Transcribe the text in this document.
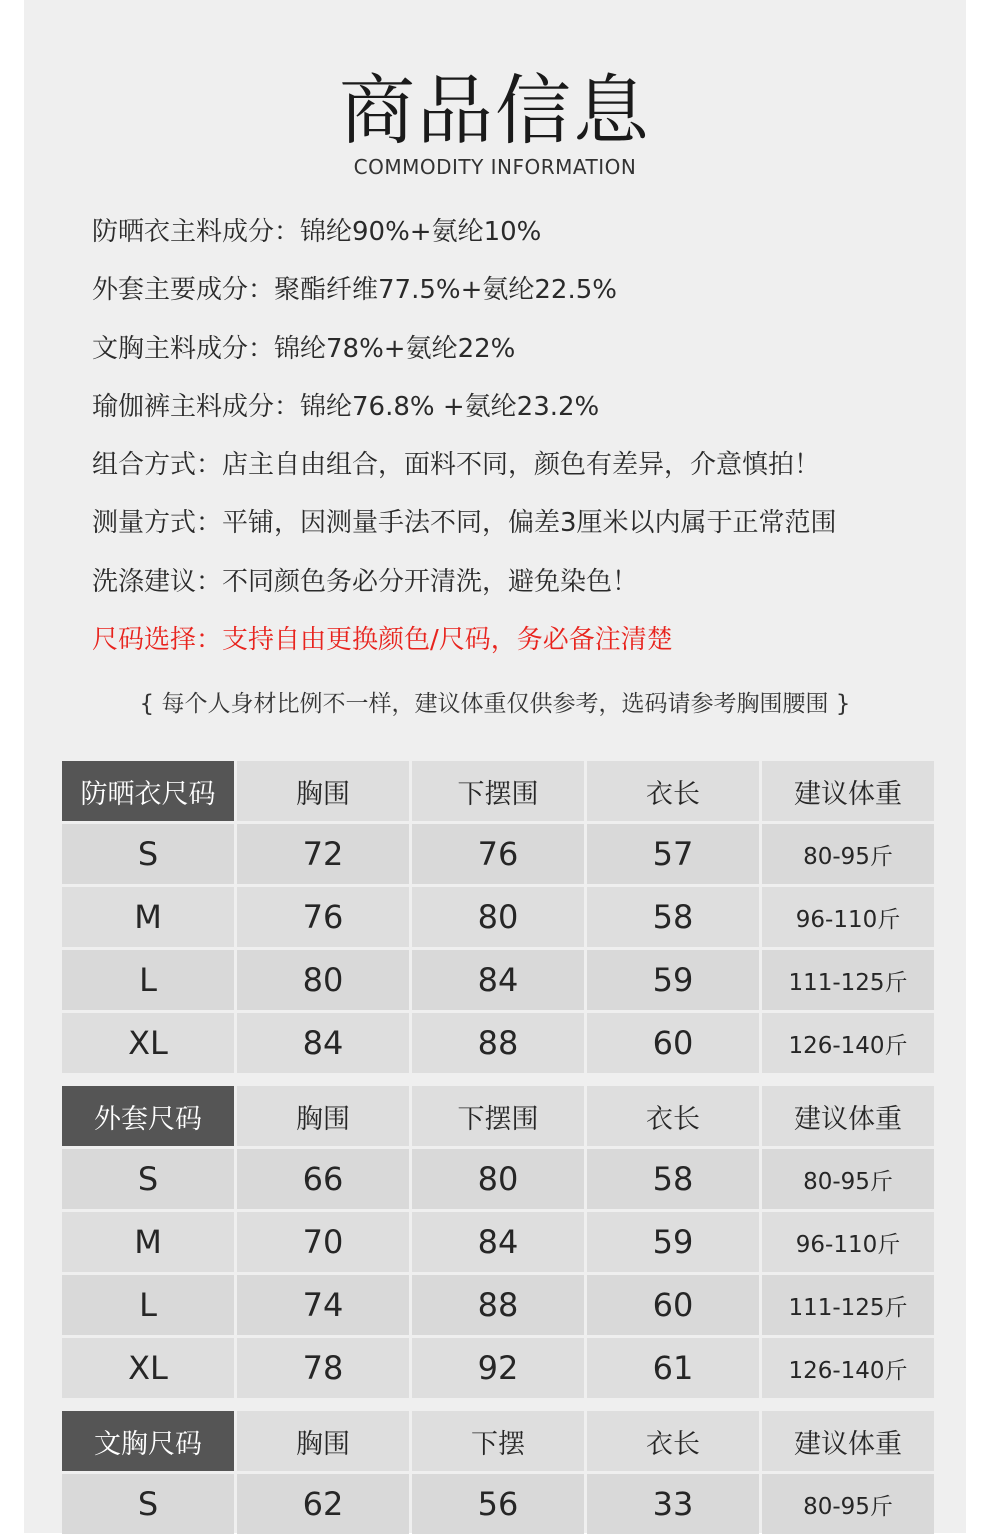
商品信息
COMMODITY INFORMATION
防晒衣主料成分：锦纶90%+氨纶10%
外套主要成分：聚酯纤维77.5%+氨纶22.5%
文胸主料成分：锦纶78%+氨纶22%
瑜伽裤主料成分：锦纶76.8% +氨纶23.2%
组合方式：店主自由组合，面料不同，颜色有差异，介意慎拍！
测量方式：平铺，因测量手法不同，偏差3厘米以内属于正常范围
洗涤建议：不同颜色务必分开清洗，避免染色！
尺码选择：支持自由更换颜色/尺码，务必备注清楚
{ 每个人身材比例不一样，建议体重仅供参考，选码请参考胸围腰围 }
防晒衣尺码	胸围	下摆围	衣长	建议体重
S	72	76	57	80-95斤
M	76	80	58	96-110斤
L	80	84	59	111-125斤
XL	84	88	60	126-140斤
外套尺码	胸围	下摆围	衣长	建议体重
S	66	80	58	80-95斤
M	70	84	59	96-110斤
L	74	88	60	111-125斤
XL	78	92	61	126-140斤
文胸尺码	胸围	下摆	衣长	建议体重
S	62	56	33	80-95斤
